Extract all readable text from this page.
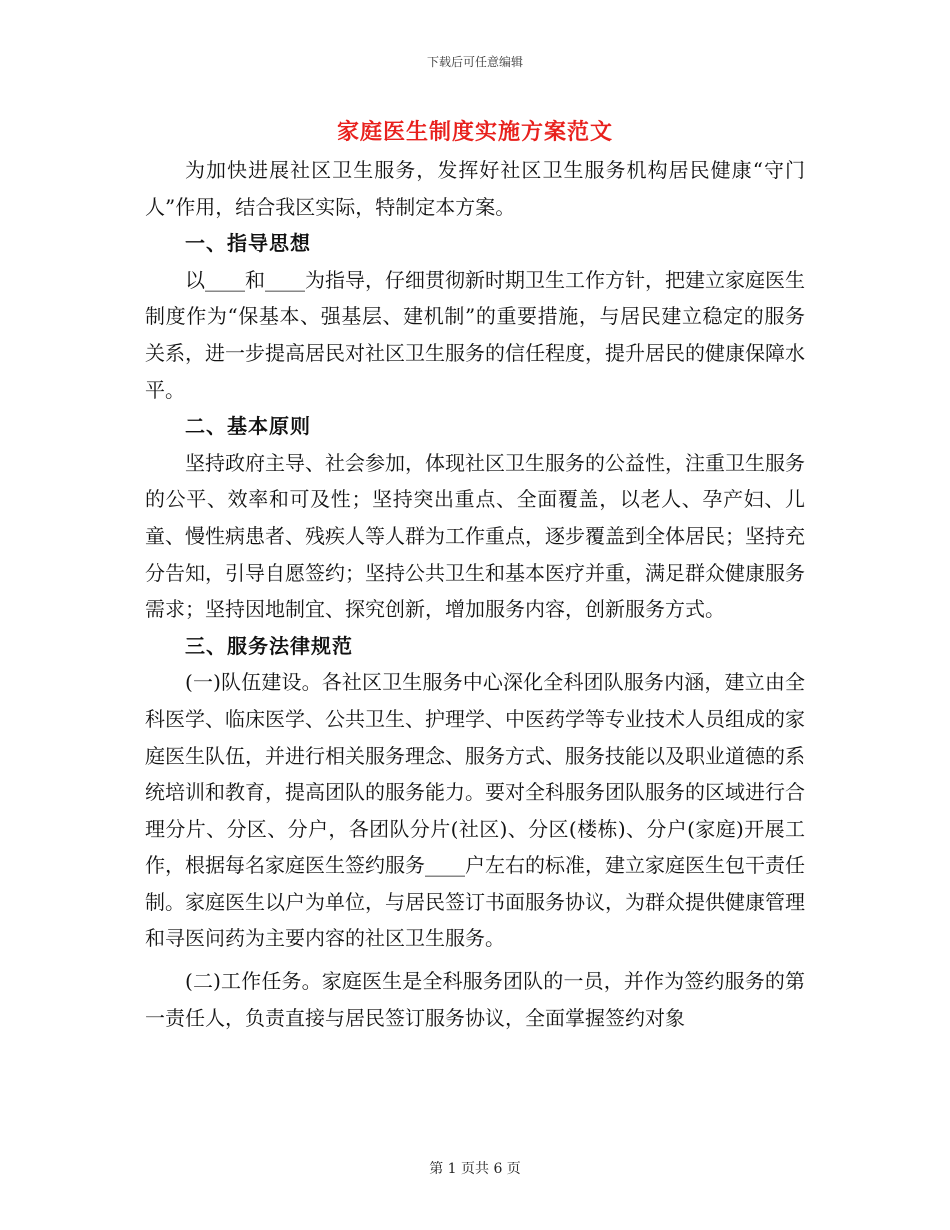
下载后可任意编辑
家庭医生制度实施方案范文

为加快进展社区卫生服务，发挥好社区卫生服务机构居民健康“守门人”作用，结合我区实际，特制定本方案。

一、指导思想

以____和____为指导，仔细贯彻新时期卫生工作方针，把建立家庭医生制度作为“保基本、强基层、建机制”的重要措施，与居民建立稳定的服务关系，进一步提高居民对社区卫生服务的信任程度，提升居民的健康保障水平。

二、基本原则

坚持政府主导、社会参加，体现社区卫生服务的公益性，注重卫生服务的公平、效率和可及性；坚持突出重点、全面覆盖，以老人、孕产妇、儿童、慢性病患者、残疾人等人群为工作重点，逐步覆盖到全体居民；坚持充分告知，引导自愿签约；坚持公共卫生和基本医疗并重，满足群众健康服务需求；坚持因地制宜、探究创新，增加服务内容，创新服务方式。

三、服务法律规范

(一)队伍建设。各社区卫生服务中心深化全科团队服务内涵，建立由全科医学、临床医学、公共卫生、护理学、中医药学等专业技术人员组成的家庭医生队伍，并进行相关服务理念、服务方式、服务技能以及职业道德的系统培训和教育，提高团队的服务能力。要对全科服务团队服务的区域进行合理分片、分区、分户，各团队分片(社区)、分区(楼栋)、分户(家庭)开展工作，根据每名家庭医生签约服务____户左右的标准，建立家庭医生包干责任制。家庭医生以户为单位，与居民签订书面服务协议，为群众提供健康管理和寻医问药为主要内容的社区卫生服务。

(二)工作任务。家庭医生是全科服务团队的一员，并作为签约服务的第一责任人，负责直接与居民签订服务协议，全面掌握签约对象

第 1 页共 6 页
